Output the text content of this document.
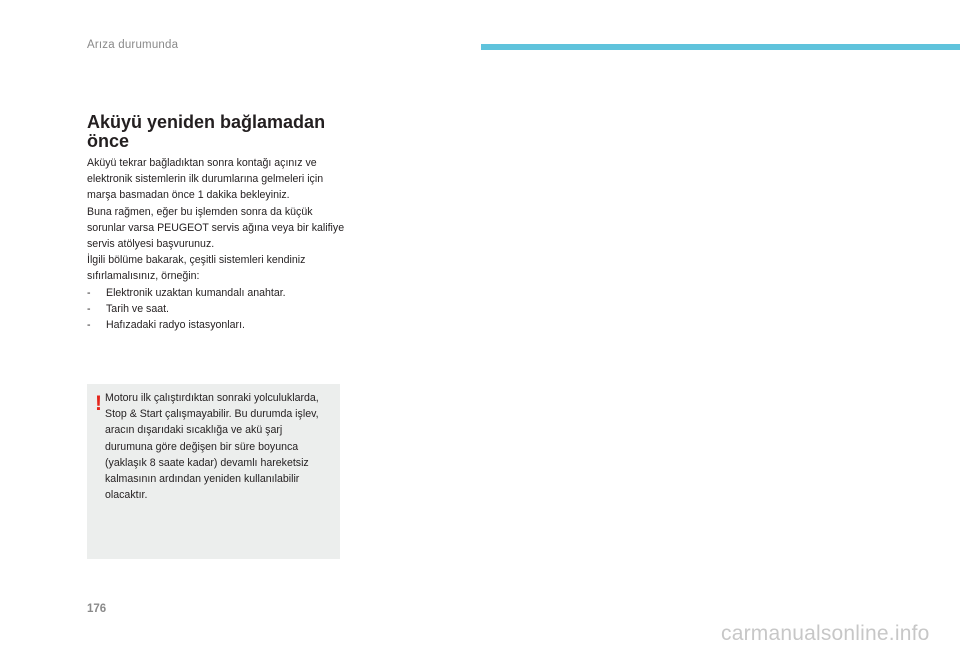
Arıza durumunda
Aküyü yeniden bağlamadan önce

Aküyü tekrar bağladıktan sonra kontağı açınız ve elektronik sistemlerin ilk durumlarına gelmeleri için marşa basmadan önce 1 dakika bekleyiniz.

Buna rağmen, eğer bu işlemden sonra da küçük sorunlar varsa PEUGEOT servis ağına veya bir kalifiye servis atölyesi başvurunuz.

İlgili bölüme bakarak, çeşitli sistemleri kendiniz sıfırlamalısınız, örneğin:

- Elektronik uzaktan kumandalı anahtar.
- Tarih ve saat.
- Hafızadaki radyo istasyonları.
! Motoru ilk çalıştırdıktan sonraki yolculuklarda, Stop & Start çalışmayabilir. Bu durumda işlev, aracın dışarıdaki sıcaklığa ve akü şarj durumuna göre değişen bir süre boyunca (yaklaşık 8 saate kadar) devamlı hareketsiz kalmasının ardından yeniden kullanılabilir olacaktır.

176
carmanualsonline.info
